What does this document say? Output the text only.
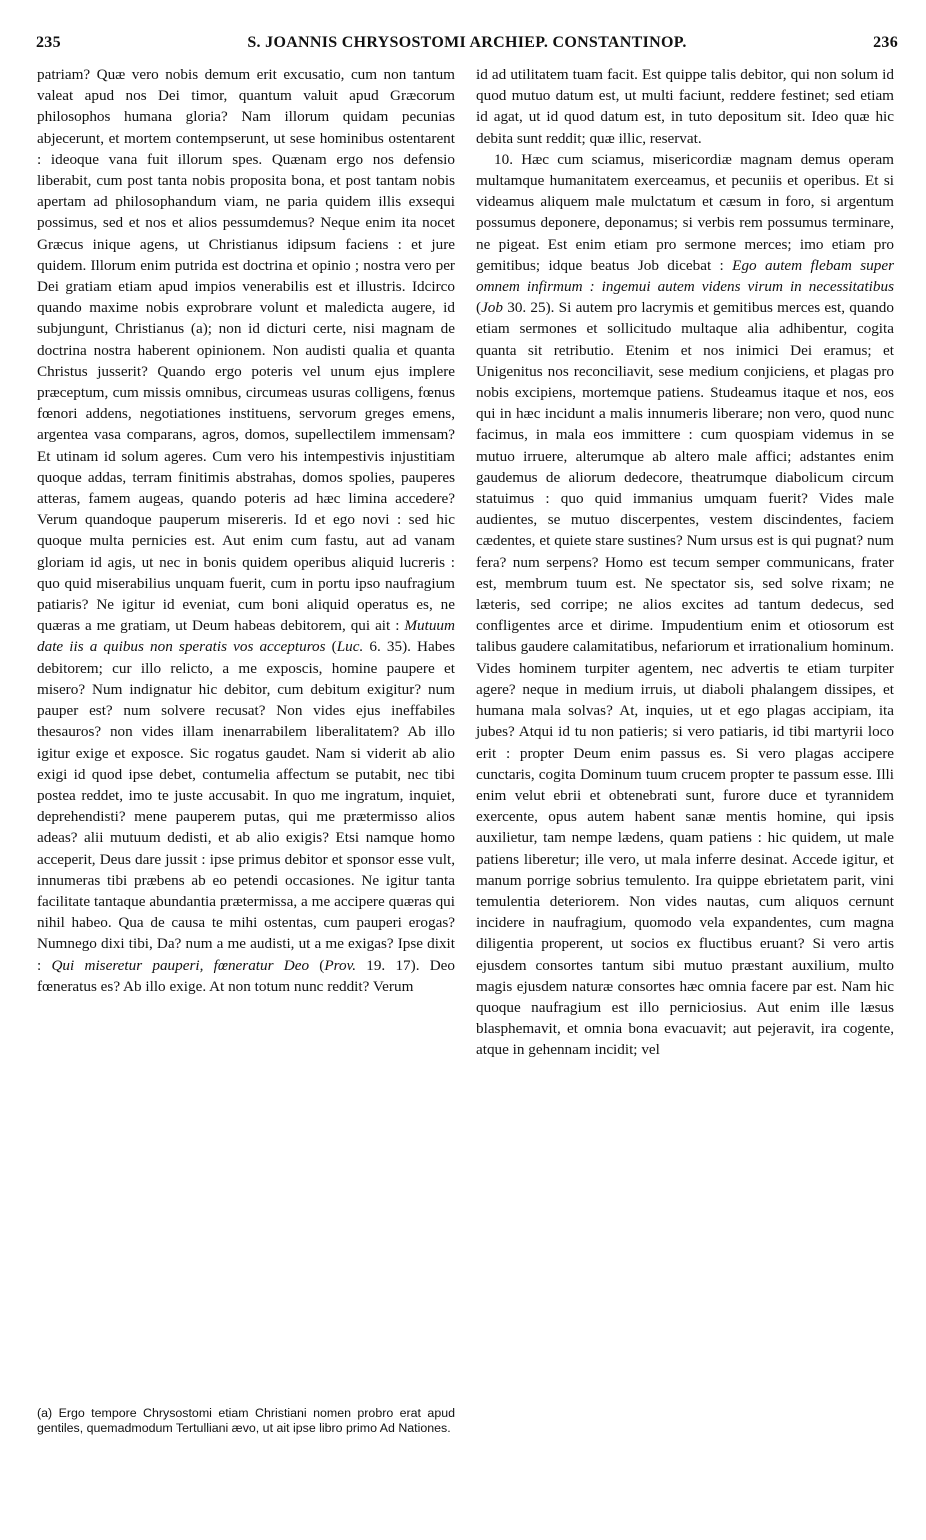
235	S. JOANNIS CHRYSOSTOMI ARCHIEP. CONSTANTINOP.	236

patriam? Quæ vero nobis demum erit excusatio, cum non tantum valeat apud nos Dei timor, quantum valuit apud Græcorum philosophos humana gloria? Nam illorum quidam pecunias abjecerunt, et mortem contempserunt, ut sese hominibus ostentarent : ideoque vana fuit illorum spes. Quænam ergo nos defensio liberabit, cum post tanta nobis proposita bona, et post tantam nobis apertam ad philosophandum viam, ne paria quidem illis exsequi possimus, sed et nos et alios pessumdemus? Neque enim ita nocet Græcus inique agens, ut Christianus idipsum faciens : et jure quidem. Illorum enim putrida est doctrina et opinio ; nostra vero per Dei gratiam etiam apud impios venerabilis est et illustris. Idcirco quando maxime nobis exprobrare volunt et maledicta augere, id subjungunt, Christianus (a); non id dicturi certe, nisi magnam de doctrina nostra haberent opinionem. Non audisti qualia et quanta Christus jusserit? Quando ergo poteris vel unum ejus implere præceptum, cum missis omnibus, circumeas usuras colligens, fœnus fœnori addens, negotiationes instituens, servorum greges emens, argentea vasa comparans, agros, domos, supellectilem immensam? Et utinam id solum ageres. Cum vero his intempestivis injustitiam quoque addas, terram finitimis abstrahas, domos spolies, pauperes atteras, famem augeas, quando poteris ad hæc limina accedere? Verum quandoque pauperum misereris. Id et ego novi : sed hic quoque multa pernicies est. Aut enim cum fastu, aut ad vanam gloriam id agis, ut nec in bonis quidem operibus aliquid lucreris : quo quid miserabilius unquam fuerit, cum in portu ipso naufragium patiaris? Ne igitur id eveniat, cum boni aliquid operatus es, ne quæras a me gratiam, ut Deum habeas debitorem, qui ait : Mutuum date iis a quibus non speratis vos accepturos (Luc. 6. 35). Habes debitorem; cur illo relicto, a me exposcis, homine paupere et misero? Num indignatur hic debitor, cum debitum exigitur? num pauper est? num solvere recusat? Non vides ejus ineffabiles thesauros? non vides illam inenarrabilem liberalitatem? Ab illo igitur exige et exposce. Sic rogatus gaudet. Nam si viderit ab alio exigi id quod ipse debet, contumelia affectum se putabit, nec tibi postea reddet, imo te juste accusabit. In quo me ingratum, inquiet, deprehendisti? mene pauperem putas, qui me prætermisso alios adeas? alii mutuum dedisti, et ab alio exigis? Etsi namque homo acceperit, Deus dare jussit : ipse primus debitor et sponsor esse vult, innumeras tibi præbens ab eo petendi occasiones. Ne igitur tanta facilitate tantaque abundantia prætermissa, a me accipere quæras qui nihil habeo. Qua de causa te mihi ostentas, cum pauperi erogas? Numnego dixi tibi, Da? num a me audisti, ut a me exigas? Ipse dixit : Qui miseretur pauperi, fœneratur Deo (Prov. 19. 17). Deo fœneratus es? Ab illo exige. At non totum nunc reddit? Verum

(a) Ergo tempore Chrysostomi etiam Christiani nomen probro erat apud gentiles, quemadmodum Tertulliani ævo, ut ait ipse libro primo Ad Nationes.

id ad utilitatem tuam facit. Est quippe talis debitor, qui non solum id quod mutuo datum est, ut multi faciunt, reddere festinet; sed etiam id agat, ut id quod datum est, in tuto depositum sit. Ideo quæ hic debita sunt reddit; quæ illic, reservat.

10. Hæc cum sciamus, misericordiæ magnam demus operam multamque humanitatem exerceamus, et pecuniis et operibus. Et si videamus aliquem male mulctatum et cæsum in foro, si argentum possumus deponere, deponamus; si verbis rem possumus terminare, ne pigeat. Est enim etiam pro sermone merces; imo etiam pro gemitibus; idque beatus Job dicebat : Ego autem flebam super omnem infirmum : ingemui autem videns virum in necessitatibus (Job 30. 25). Si autem pro lacrymis et gemitibus merces est, quando etiam sermones et sollicitudo multaque alia adhibentur, cogita quanta sit retributio. Etenim et nos inimici Dei eramus; et Unigenitus nos reconciliavit, sese medium conjiciens, et plagas pro nobis excipiens, mortemque patiens. Studeamus itaque et nos, eos qui in hæc incidunt a malis innumeris liberare; non vero, quod nunc facimus, in mala eos immittere : cum quospiam videmus in se mutuo irruere, alterumque ab altero male affici; adstantes enim gaudemus de aliorum dedecore, theatrumque diabolicum circum statuimus : quo quid immanius umquam fuerit? Vides male audientes, se mutuo discerpentes, vestem discindentes, faciem cædentes, et quiete stare sustines? Num ursus est is qui pugnat? num fera? num serpens? Homo est tecum semper communicans, frater est, membrum tuum est. Ne spectator sis, sed solve rixam; ne læteris, sed corripe; ne alios excites ad tantum dedecus, sed confligentes arce et dirime. Impudentium enim et otiosorum est talibus gaudere calamitatibus, nefariorum et irrationalium hominum. Vides hominem turpiter agentem, nec advertis te etiam turpiter agere? neque in medium irruis, ut diaboli phalangem dissipes, et humana mala solvas? At, inquies, ut et ego plagas accipiam, ita jubes? Atqui id tu non patieris; si vero patiaris, id tibi martyrii loco erit : propter Deum enim passus es. Si vero plagas accipere cunctaris, cogita Dominum tuum crucem propter te passum esse. Illi enim velut ebrii et obtenebrati sunt, furore duce et tyrannidem exercente, opus autem habent sanæ mentis homine, qui ipsis auxilietur, tam nempe lædens, quam patiens : hic quidem, ut male patiens liberetur; ille vero, ut mala inferre desinat. Accede igitur, et manum porrige sobrius temulento. Ira quippe ebrietatem parit, vini temulentia deteriorem. Non vides nautas, cum aliquos cernunt incidere in naufragium, quomodo vela expandentes, cum magna diligentia properent, ut socios ex fluctibus eruant? Si vero artis ejusdem consortes tantum sibi mutuo præstant auxilium, multo magis ejusdem naturæ consortes hæc omnia facere par est. Nam hic quoque naufragium est illo perniciosius. Aut enim ille læsus blasphemavit, et omnia bona evacuavit; aut pejeravit, ira cogente, atque in gehennam incidit; vel
